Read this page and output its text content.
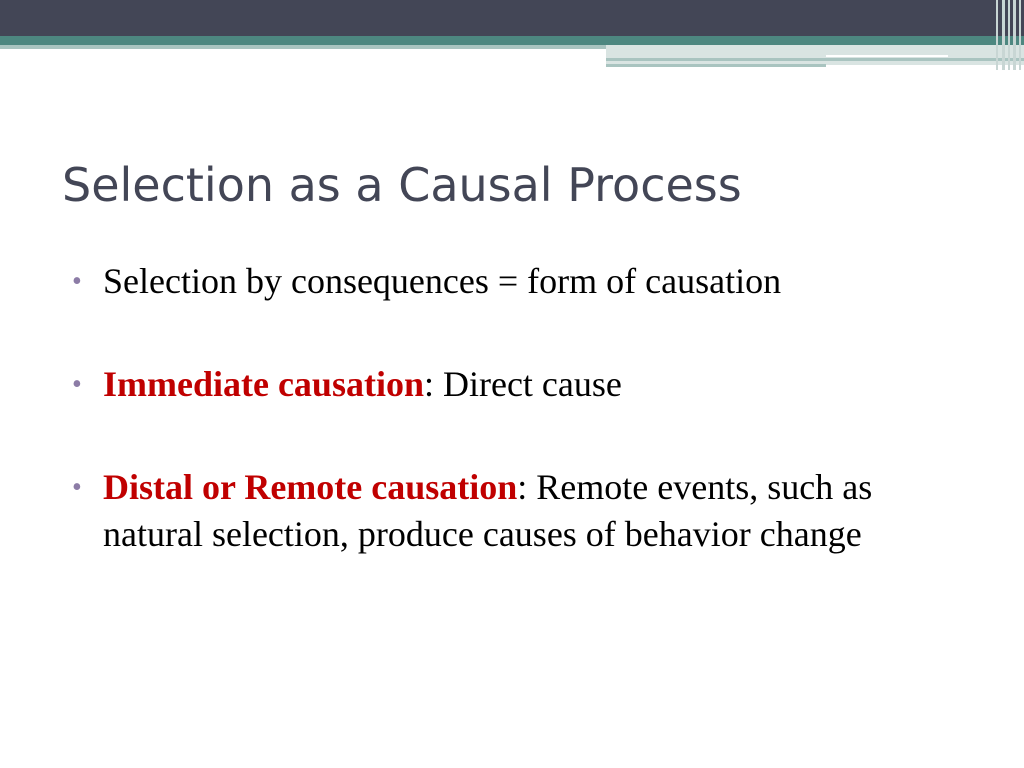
Selection as a Causal Process
• Selection by consequences = form of causation
• Immediate causation: Direct cause
• Distal or Remote causation: Remote events, such as natural selection, produce causes of behavior change
